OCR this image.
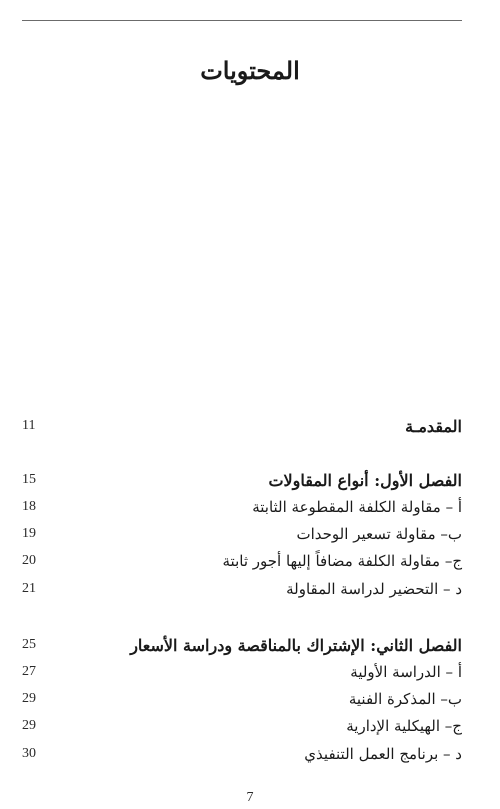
المحتويات
11	المقدمـة
15	الفصل الأول: أنواع المقاولات
18	أ – مقاولة الكلفة المقطوعة الثابتة
19	ب– مقاولة تسعير الوحدات
20	ج– مقاولة الكلفة مضافاً إليها أجور ثابتة
21	د – التحضير لدراسة المقاولة
25	الفصل الثاني: الإشتراك بالمناقصة ودراسة الأسعار
27	أ – الدراسة الأولية
29	ب– المذكرة الفنية
29	ج– الهيكلية الإدارية
30	د – برنامج العمل التنفيذي
7
